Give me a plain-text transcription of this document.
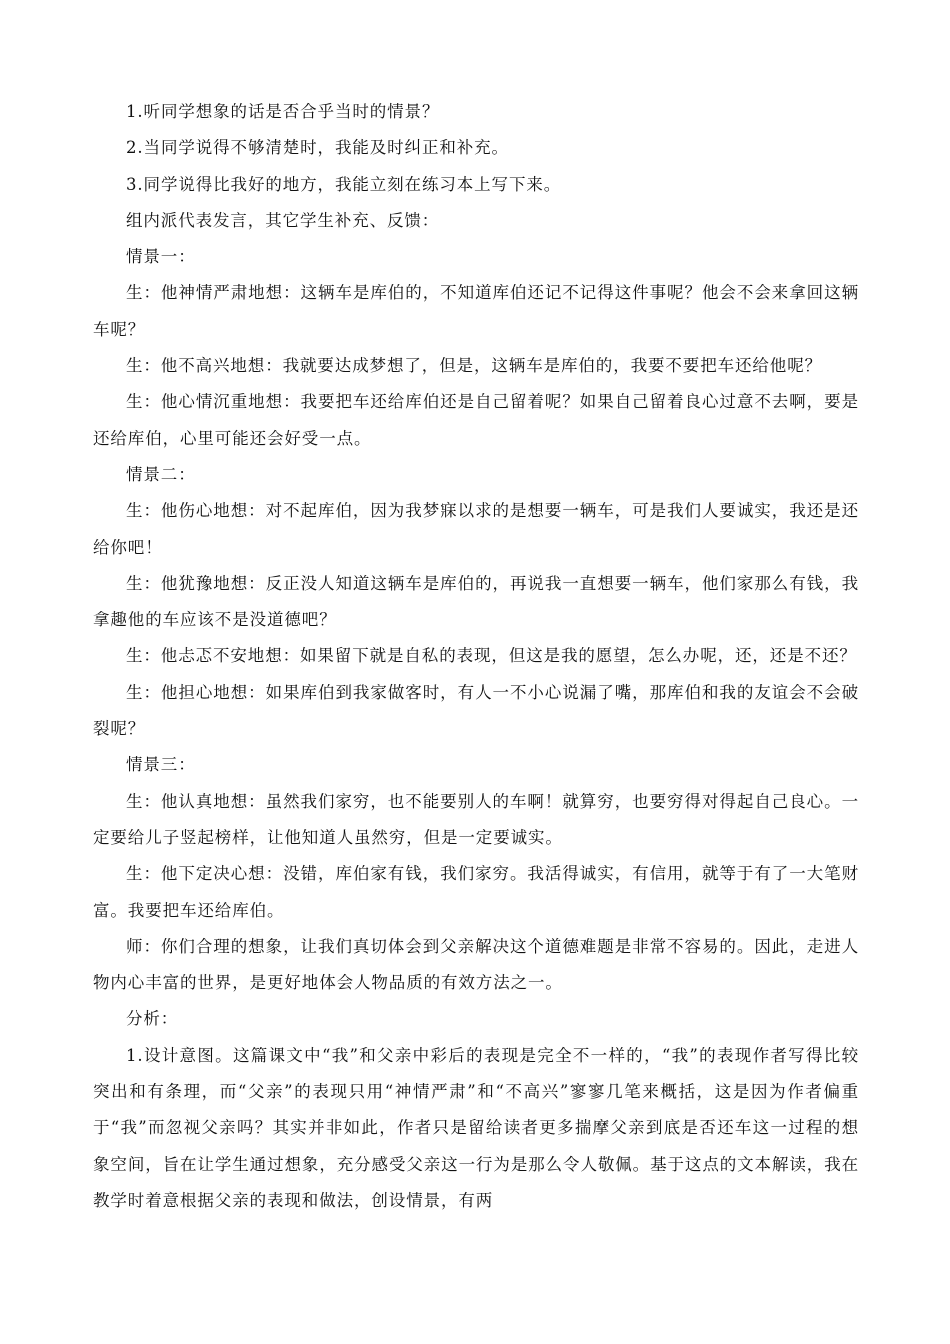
1.听同学想象的话是否合乎当时的情景？

2.当同学说得不够清楚时，我能及时纠正和补充。

3.同学说得比我好的地方，我能立刻在练习本上写下来。

组内派代表发言，其它学生补充、反馈：

情景一：

生：他神情严肃地想：这辆车是库伯的，不知道库伯还记不记得这件事呢？他会不会来拿回这辆车呢？

生：他不高兴地想：我就要达成梦想了，但是，这辆车是库伯的，我要不要把车还给他呢？

生：他心情沉重地想：我要把车还给库伯还是自己留着呢？如果自己留着良心过意不去啊，要是还给库伯，心里可能还会好受一点。

情景二：

生：他伤心地想：对不起库伯，因为我梦寐以求的是想要一辆车，可是我们人要诚实，我还是还给你吧！

生：他犹豫地想：反正没人知道这辆车是库伯的，再说我一直想要一辆车，他们家那么有钱，我拿趣他的车应该不是没道德吧？

生：他忐忑不安地想：如果留下就是自私的表现，但这是我的愿望，怎么办呢，还，还是不还？

生：他担心地想：如果库伯到我家做客时，有人一不小心说漏了嘴，那库伯和我的友谊会不会破裂呢？

情景三：

生：他认真地想：虽然我们家穷，也不能要别人的车啊！就算穷，也要穷得对得起自己良心。一定要给儿子竖起榜样，让他知道人虽然穷，但是一定要诚实。

生：他下定决心想：没错，库伯家有钱，我们家穷。我活得诚实，有信用，就等于有了一大笔财富。我要把车还给库伯。

师：你们合理的想象，让我们真切体会到父亲解决这个道德难题是非常不容易的。因此，走进人物内心丰富的世界，是更好地体会人物品质的有效方法之一。

分析：

1.设计意图。这篇课文中“我”和父亲中彩后的表现是完全不一样的，“我”的表现作者写得比较突出和有条理，而“父亲”的表现只用“神情严肃”和“不高兴”寥寥几笔来概括，这是因为作者偏重于“我”而忽视父亲吗？其实并非如此，作者只是留给读者更多揣摩父亲到底是否还车这一过程的想象空间，旨在让学生通过想象，充分感受父亲这一行为是那么令人敬佩。基于这点的文本解读，我在教学时着意根据父亲的表现和做法，创设情景，有两
